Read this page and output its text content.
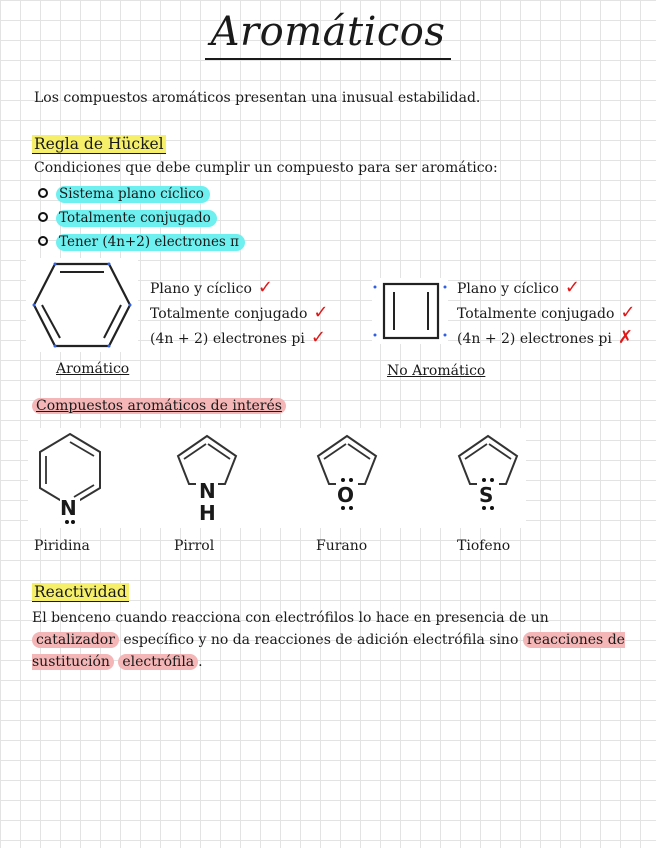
Aromáticos
Los compuestos aromáticos presentan una inusual estabilidad.
Regla de Hückel
Condiciones que debe cumplir un compuesto para ser aromático:
Sistema plano cíclico
Totalmente conjugado
Tener (4n+2) electrones π
Plano y cíclico ✓
Totalmente conjugado ✓
(4n + 2) electrones pi ✓
Aromático
Plano y cíclico ✓
Totalmente conjugado ✓
(4n + 2) electrones pi ✗
No Aromático
Compuestos aromáticos de interés
N
N
H
O	S
Piridina	Pirrol	Furano	Tiofeno
Reactividad
El benceno cuando reacciona con electrófilos lo hace en presencia de un catalizador específico y no da reacciones de adición electrófila sino reacciones de sustitución electrófila .
